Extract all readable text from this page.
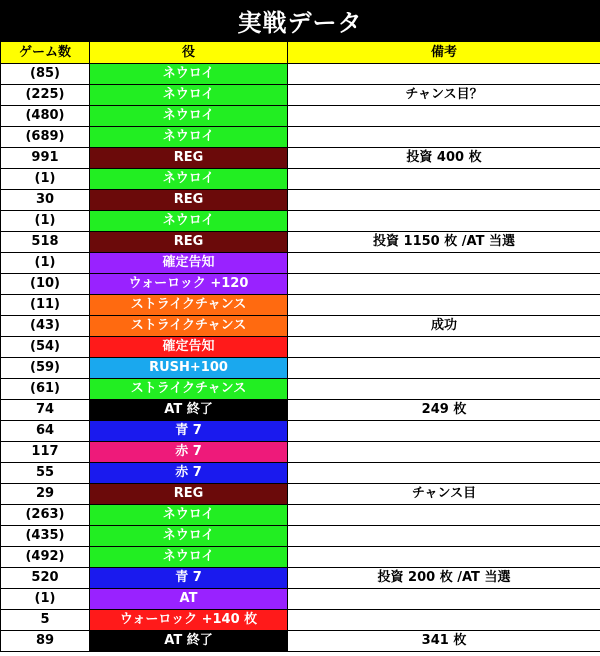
実戦データ
ゲーム数	役	備考
(85)	ネウロイ	
(225)	ネウロイ	チャンス目？
(480)	ネウロイ	
(689)	ネウロイ	
991	REG	投資 400 枚
(1)	ネウロイ	
30	REG	
(1)	ネウロイ	
518	REG	投資 1150 枚 /AT 当選
(1)	確定告知	
(10)	ウォーロック +120	
(11)	ストライクチャンス	
(43)	ストライクチャンス	成功
(54)	確定告知	
(59)	RUSH+100	
(61)	ストライクチャンス	
74	AT 終了	249 枚
64	青 7	
117	赤 7	
55	赤 7	
29	REG	チャンス目
(263)	ネウロイ	
(435)	ネウロイ	
(492)	ネウロイ	
520	青 7	投資 200 枚 /AT 当選
(1)	AT	
5	ウォーロック +140 枚	
89	AT 終了	341 枚
